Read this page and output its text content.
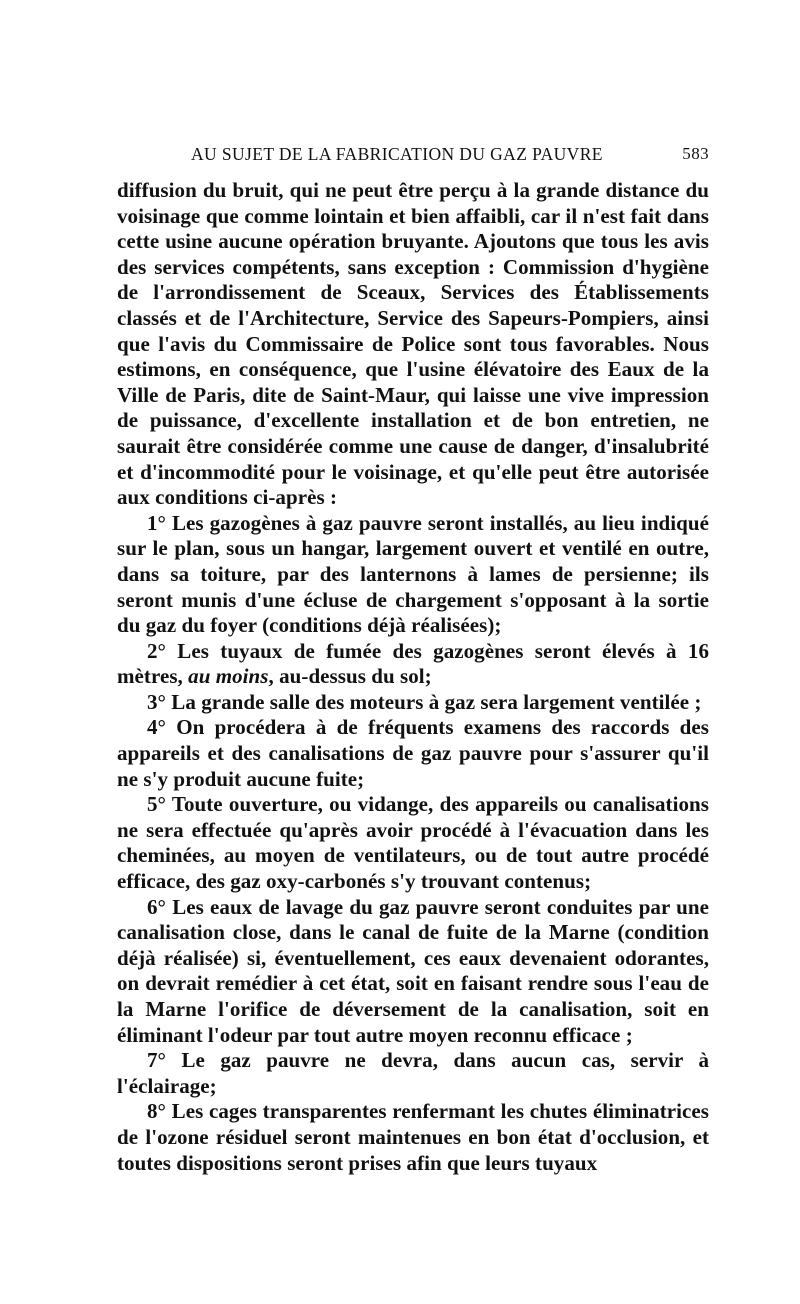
AU SUJET DE LA FABRICATION DU GAZ PAUVRE	583

diffusion du bruit, qui ne peut être perçu à la grande distance du voisinage que comme lointain et bien affaibli, car il n'est fait dans cette usine aucune opération bruyante. Ajoutons que tous les avis des services compétents, sans exception : Commission d'hygiène de l'arrondissement de Sceaux, Services des Établissements classés et de l'Architecture, Service des Sapeurs-Pompiers, ainsi que l'avis du Commissaire de Police sont tous favorables. Nous estimons, en conséquence, que l'usine élévatoire des Eaux de la Ville de Paris, dite de Saint-Maur, qui laisse une vive impression de puissance, d'excellente installation et de bon entretien, ne saurait être considérée comme une cause de danger, d'insalubrité et d'incommodité pour le voisinage, et qu'elle peut être autorisée aux conditions ci-après :

1° Les gazogènes à gaz pauvre seront installés, au lieu indiqué sur le plan, sous un hangar, largement ouvert et ventilé en outre, dans sa toiture, par des lanternons à lames de persienne; ils seront munis d'une écluse de chargement s'opposant à la sortie du gaz du foyer (conditions déjà réalisées);

2° Les tuyaux de fumée des gazogènes seront élevés à 16 mètres, au moins, au-dessus du sol;

3° La grande salle des moteurs à gaz sera largement ventilée ;

4° On procédera à de fréquents examens des raccords des appareils et des canalisations de gaz pauvre pour s'assurer qu'il ne s'y produit aucune fuite;

5° Toute ouverture, ou vidange, des appareils ou canalisations ne sera effectuée qu'après avoir procédé à l'évacuation dans les cheminées, au moyen de ventilateurs, ou de tout autre procédé efficace, des gaz oxy-carbonés s'y trouvant contenus;

6° Les eaux de lavage du gaz pauvre seront conduites par une canalisation close, dans le canal de fuite de la Marne (condition déjà réalisée) si, éventuellement, ces eaux devenaient odorantes, on devrait remédier à cet état, soit en faisant rendre sous l'eau de la Marne l'orifice de déversement de la canalisation, soit en éliminant l'odeur par tout autre moyen reconnu efficace ;

7° Le gaz pauvre ne devra, dans aucun cas, servir à l'éclairage;

8° Les cages transparentes renfermant les chutes éliminatrices de l'ozone résiduel seront maintenues en bon état d'occlusion, et toutes dispositions seront prises afin que leurs tuyaux
